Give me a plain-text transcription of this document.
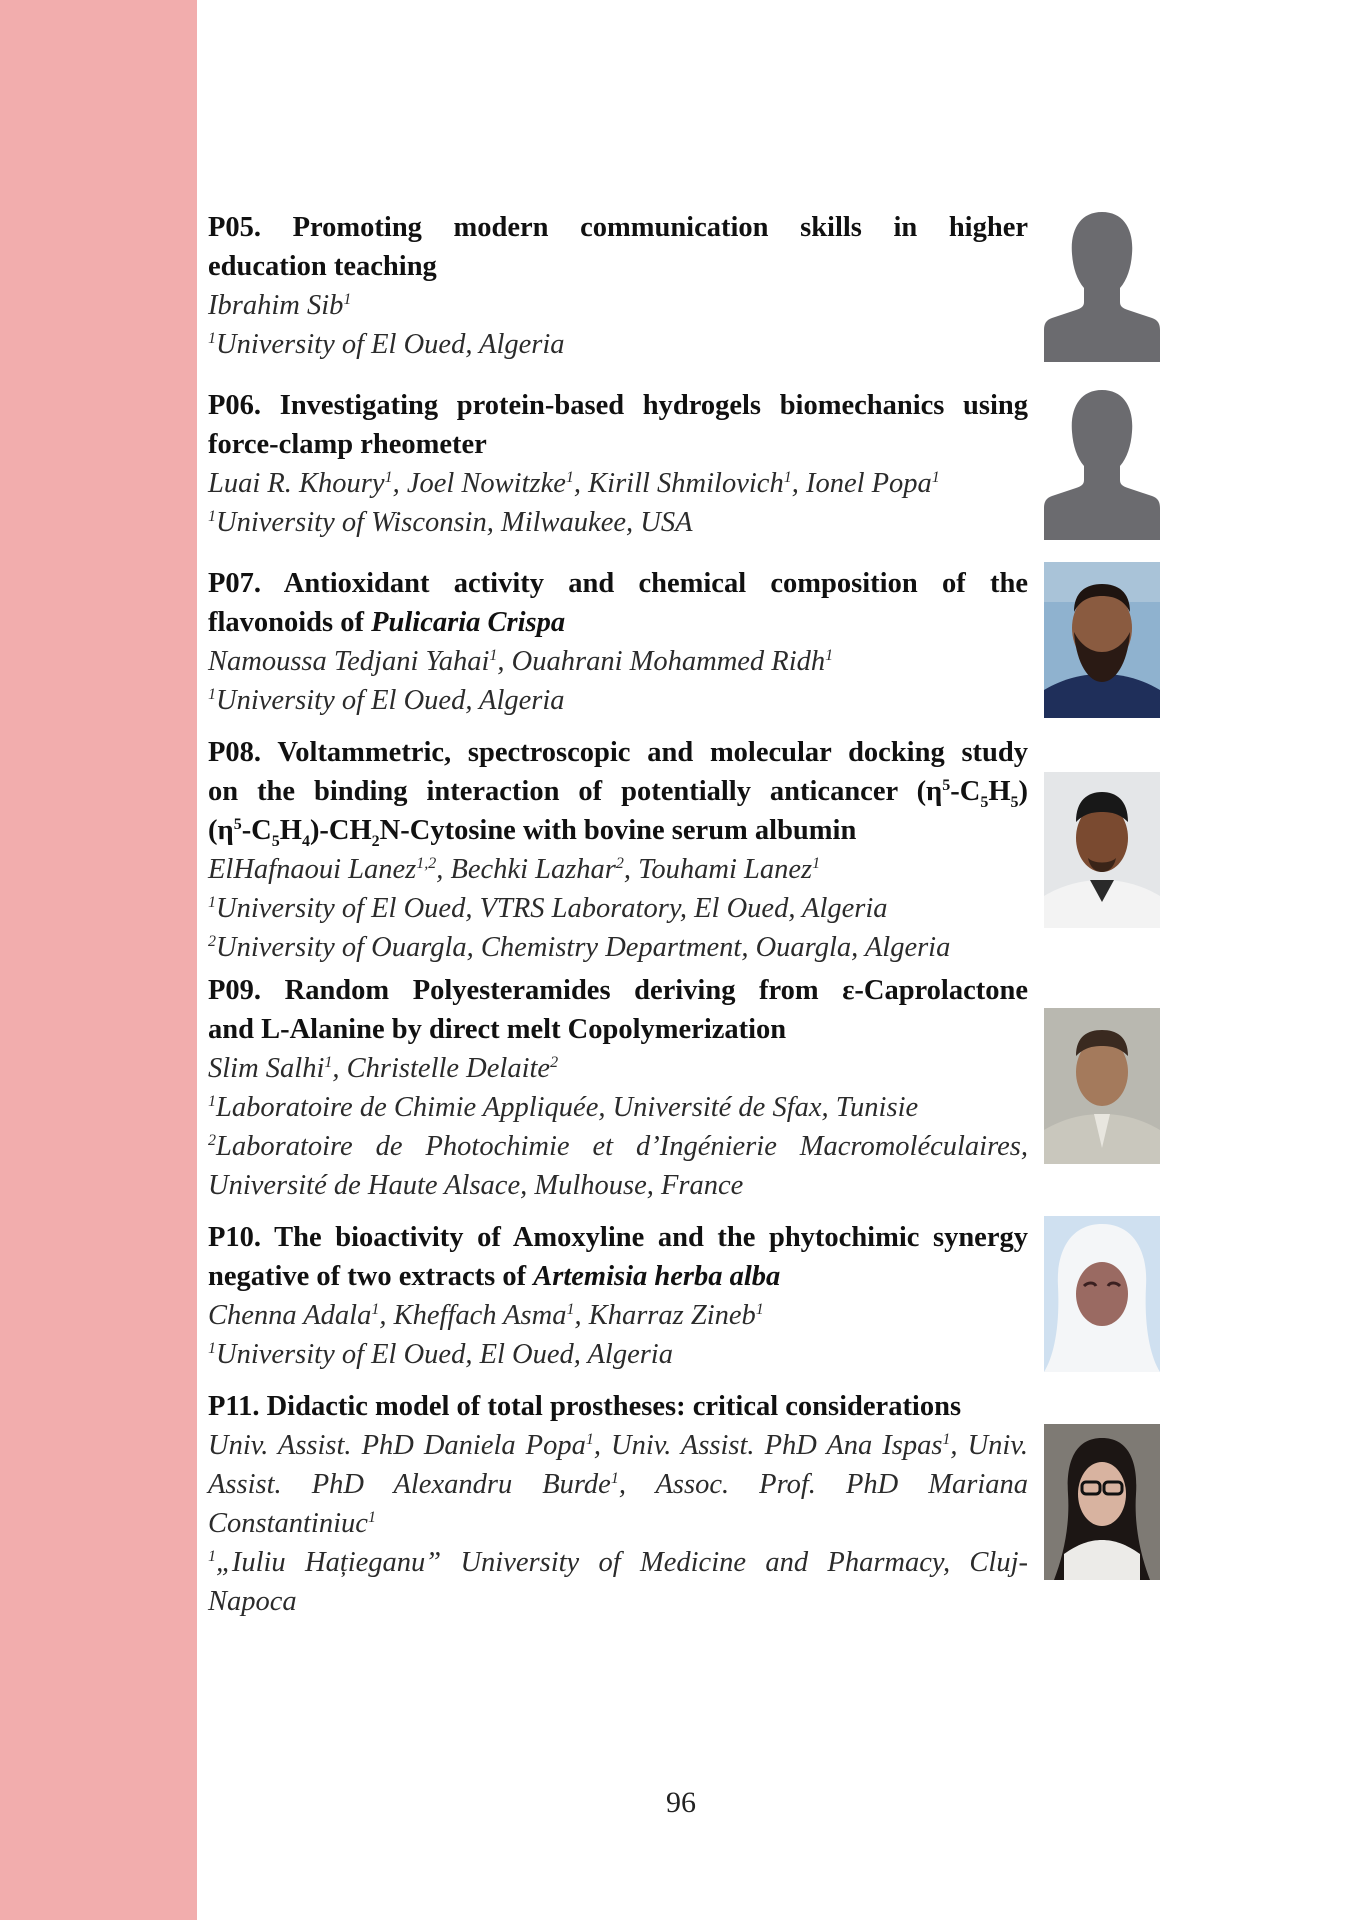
P05. Promoting modern communication skills in higher
education teaching
Ibrahim Sib$^1$
$^1$University of El Oued, Algeria
P06. Investigating protein-based hydrogels biomechanics using
force-clamp rheometer
Luai R. Khoury$^1$, Joel Nowitzke$^1$, Kirill Shmilovich$^1$, Ionel Popa$^1$
$^1$University of Wisconsin, Milwaukee, USA
P07. Antioxidant activity and chemical composition of the
flavonoids of Pulicaria Crispa
Namoussa Tedjani Yahai$^1$, Ouahrani Mohammed Ridh$^1$
$^1$University of El Oued, Algeria
P08. Voltammetric, spectroscopic and molecular docking study
on the binding interaction of potentially anticancer $(\eta^5-C_5H_5)$
$(\eta^5-C_5H_4)-CH_2N$-Cytosine with bovine serum albumin
ElHafnaoui Lanez$^{1,2}$, Bechki Lazhar$^2$, Touhami Lanez$^1$
$^1$University of El Oued, VTRS Laboratory, El Oued, Algeria
$^2$University of Ouargla, Chemistry Department, Ouargla, Algeria
P09. Random Polyesteramides deriving from ε-Caprolactone
and L-Alanine by direct melt Copolymerization
Slim Salhi$^1$, Christelle Delaite$^2$
$^1$Laboratoire de Chimie Appliquée, Université de Sfax, Tunisie
$^2$Laboratoire de Photochimie et d’Ingénierie Macromoléculaires,
Université de Haute Alsace, Mulhouse, France
P10. The bioactivity of Amoxyline and the phytochimic synergy
negative of two extracts of Artemisia herba alba
Chenna Adala$^1$, Kheffach Asma$^1$, Kharraz Zineb$^1$
$^1$University of El Oued, El Oued, Algeria
P11. Didactic model of total prostheses: critical considerations
Univ. Assist. PhD Daniela Popa$^1$, Univ. Assist. PhD Ana Ispas$^1$, Univ.
Assist. PhD Alexandru Burde$^1$, Assoc. Prof. PhD Mariana
Constantiniuc$^1$
$^1$„Iuliu Hațieganu” University of Medicine and Pharmacy, Cluj-
Napoca
96
